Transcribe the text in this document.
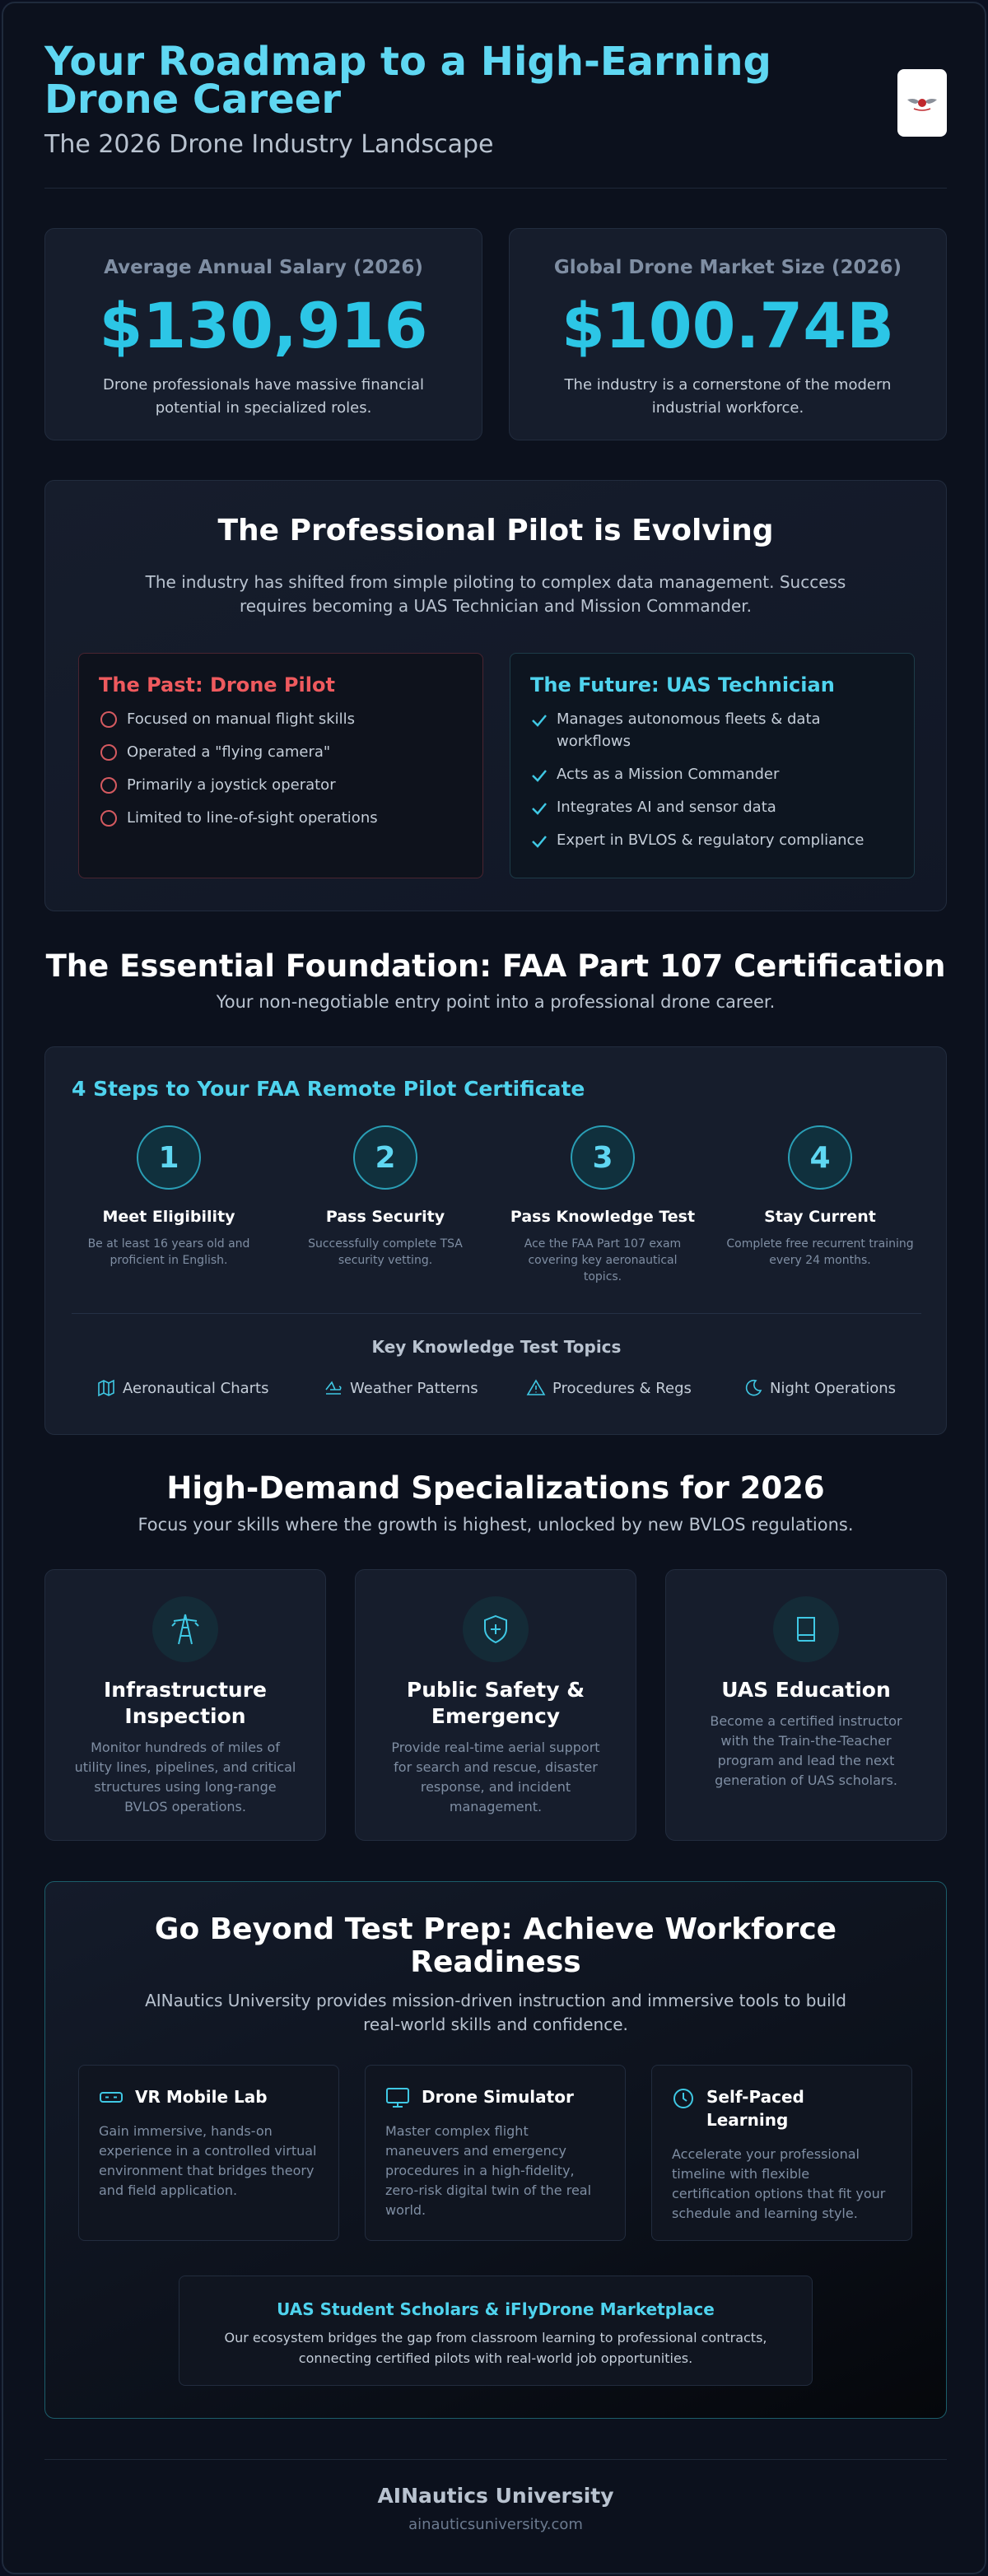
Your Roadmap to a High-Earning Drone Career
The 2026 Drone Industry Landscape
Average Annual Salary (2026)
$130,916
Drone professionals have massive financial potential in specialized roles.
Global Drone Market Size (2026)
$100.74B
The industry is a cornerstone of the modern industrial workforce.
The Professional Pilot is Evolving
The industry has shifted from simple piloting to complex data management. Success requires becoming a UAS Technician and Mission Commander.
The Past: Drone Pilot
Focused on manual flight skills
Operated a "flying camera"
Primarily a joystick operator
Limited to line-of-sight operations
The Future: UAS Technician
Manages autonomous fleets & data workflows
Acts as a Mission Commander
Integrates AI and sensor data
Expert in BVLOS & regulatory compliance
The Essential Foundation: FAA Part 107 Certification
Your non-negotiable entry point into a professional drone career.
4 Steps to Your FAA Remote Pilot Certificate
1
Meet Eligibility
Be at least 16 years old and proficient in English.
2
Pass Security
Successfully complete TSA security vetting.
3
Pass Knowledge Test
Ace the FAA Part 107 exam covering key aeronautical topics.
4
Stay Current
Complete free recurrent training every 24 months.
Key Knowledge Test Topics
Aeronautical Charts	Weather Patterns	Procedures & Regs	Night Operations
High-Demand Specializations for 2026
Focus your skills where the growth is highest, unlocked by new BVLOS regulations.
Infrastructure Inspection

Monitor hundreds of miles of utility lines, pipelines, and critical structures using long-range BVLOS operations.

Public Safety & Emergency

Provide real-time aerial support for search and rescue, disaster response, and incident management.

UAS Education

Become a certified instructor with the Train-the-Teacher program and lead the next generation of UAS scholars.

Go Beyond Test Prep: Achieve Workforce Readiness
AINautics University provides mission-driven instruction and immersive tools to build real-world skills and confidence.
VR Mobile Lab

Gain immersive, hands-on experience in a controlled virtual environment that bridges theory and field application.

Drone Simulator

Master complex flight maneuvers and emergency procedures in a high-fidelity, zero-risk digital twin of the real world.

Self-Paced Learning

Accelerate your professional timeline with flexible certification options that fit your schedule and learning style.

UAS Student Scholars & iFlyDrone Marketplace
Our ecosystem bridges the gap from classroom learning to professional contracts, connecting certified pilots with real-world job opportunities.
AINautics University
ainauticsuniversity.com
